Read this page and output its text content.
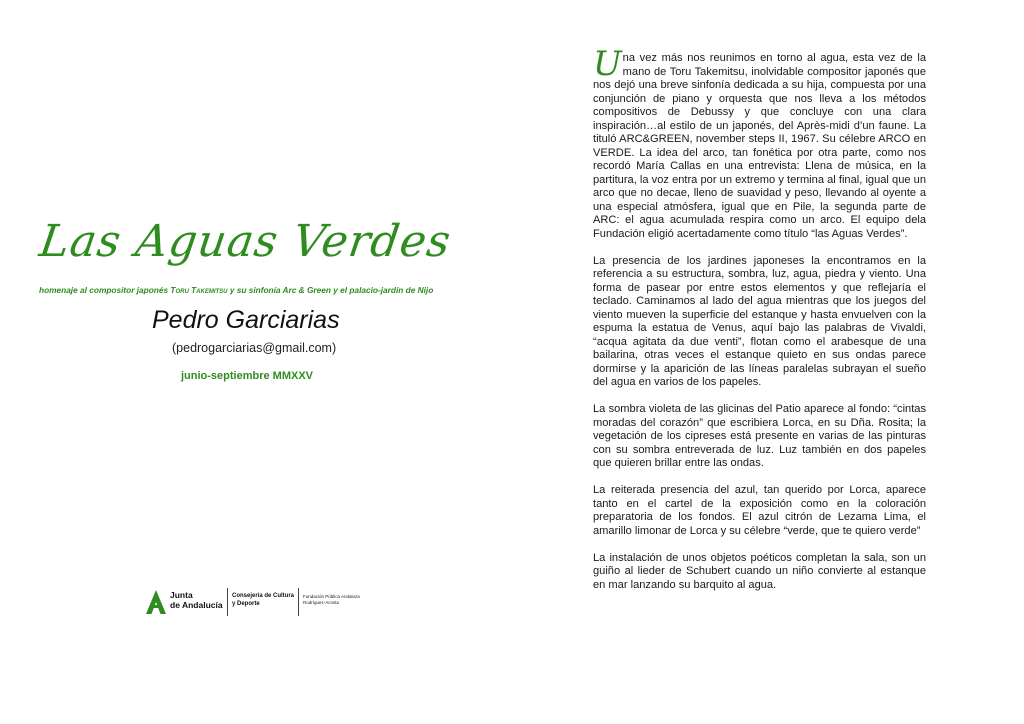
Las Aguas Verdes
homenaje al compositor japonés Toru Takemitsu y su sinfonía Arc & Green y el palacio-jardín de Nijo
Pedro Garciarias
(pedrogarciarias@gmail.com)
junio-septiembre MMXXV
Junta
de Andalucía
Consejería de Cultura
y Deporte
Fundación Pública Andaluza
Rodríguez-Acosta

Una vez más nos reunimos en torno al agua, esta vez de la mano de Toru Takemitsu, inolvidable compositor japonés que nos dejó una breve sinfonía dedicada a su hija, compuesta por una conjunción de piano y orquesta que nos lleva a los métodos compositivos de Debussy y que concluye con una clara inspiración…al estilo de un japonés, del Après-midi d’un faune. La tituló ARC&GREEN, november steps II, 1967. Su célebre ARCO en VERDE. La idea del arco, tan fonética por otra parte, como nos recordó María Callas en una entrevista: Llena de música, en la partitura, la voz entra por un extremo y termina al final, igual que un arco que no decae, lleno de suavidad y peso, llevando al oyente a una especial atmósfera, igual que en Pile, la segunda parte de ARC: el agua acumulada respira como un arco. El equipo dela Fundación eligió acertadamente como título “las Aguas Verdes”.

La presencia de los jardines japoneses la encontramos en la referencia a su estructura, sombra, luz, agua, piedra y viento. Una forma de pasear por entre estos elementos y que reflejaría el teclado. Caminamos al lado del agua mientras que los juegos del viento mueven la superficie del estanque y hasta envuelven con la espuma la estatua de Venus, aquí bajo las palabras de Vivaldi, “acqua agitata da due venti”, flotan como el arabesque de una bailarina, otras veces el estanque quieto en sus ondas parece dormirse y la aparición de las líneas paralelas subrayan el sueño del agua en varios de los papeles.

La sombra violeta de las glicinas del Patio aparece al fondo: “cintas moradas del corazón” que escribiera Lorca, en su Dña. Rosita; la vegetación de los cipreses está presente en varias de las pinturas con su sombra entreverada de luz. Luz también en dos papeles que quieren brillar entre las ondas.

La reiterada presencia del azul, tan querido por Lorca, aparece tanto en el cartel de la exposición como en la coloración preparatoria de los fondos. El azul citrón de Lezama Lima, el amarillo limonar de Lorca y su célebre “verde, que te quiero verde”

La instalación de unos objetos poéticos completan la sala, son un guiño al lieder de Schubert cuando un niño convierte al estanque en mar lanzando su barquito al agua.
